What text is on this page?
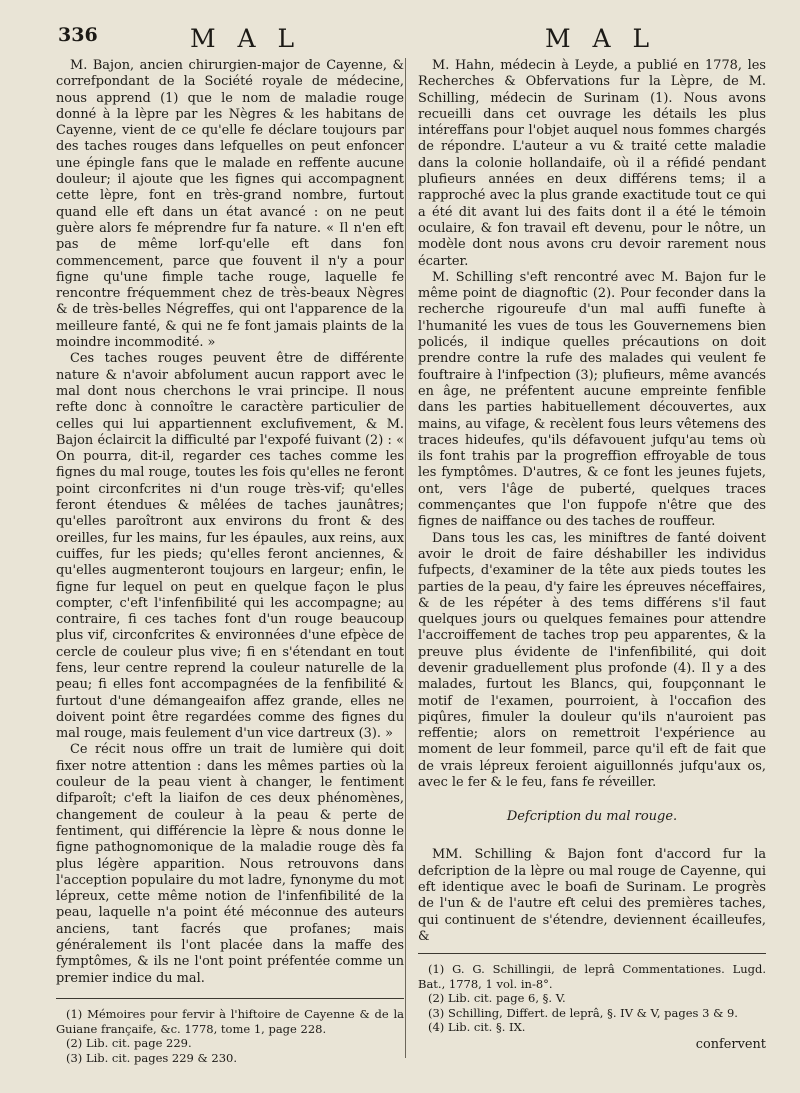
336	M A L	M A L

M. Bajon, ancien chirurgien-major de Cayenne, & correfpondant de la Société royale de médecine, nous apprend (1) que le nom de maladie rouge donné à la lèpre par les Nègres & les habitans de Cayenne, vient de ce qu'elle fe déclare toujours par des taches rouges dans lefquelles on peut enfoncer une épingle fans que le malade en reffente aucune douleur; il ajoute que les fignes qui accompagnent cette lèpre, font en très-grand nombre, furtout quand elle eft dans un état avancé : on ne peut guère alors fe méprendre fur fa nature. « Il n'en eft pas de même lorf-qu'elle eft dans fon commencement, parce que fouvent il n'y a pour figne qu'une fimple tache rouge, laquelle fe rencontre fréquemment chez de très-beaux Nègres & de très-belles Négreffes, qui ont l'apparence de la meilleure fanté, & qui ne fe font jamais plaints de la moindre incommodité. »

Ces taches rouges peuvent être de différente nature & n'avoir abfolument aucun rapport avec le mal dont nous cherchons le vrai principe. Il nous refte donc à connoître le caractère particulier de celles qui lui appartiennent exclufivement, & M. Bajon éclaircit la difficulté par l'expofé fuivant (2) : « On pourra, dit-il, regarder ces taches comme les fignes du mal rouge, toutes les fois qu'elles ne feront point circonfcrites ni d'un rouge très-vif; qu'elles feront étendues & mêlées de taches jaunâtres; qu'elles paroîtront aux environs du front & des oreilles, fur les mains, fur les épaules, aux reins, aux cuiffes, fur les pieds; qu'elles feront anciennes, & qu'elles augmenteront toujours en largeur; enfin, le figne fur lequel on peut en quelque façon le plus compter, c'eft l'infenfibilité qui les accompagne; au contraire, fi ces taches font d'un rouge beaucoup plus vif, circonfcrites & environnées d'une efpèce de cercle de couleur plus vive; fi en s'étendant en tout fens, leur centre reprend la couleur naturelle de la peau; fi elles font accompagnées de la fenfibilité & furtout d'une démangeaifon affez grande, elles ne doivent point être regardées comme des fignes du mal rouge, mais feulement d'un vice dartreux (3). »

Ce récit nous offre un trait de lumière qui doit fixer notre attention : dans les mêmes parties où la couleur de la peau vient à changer, le fentiment difparoît; c'eft la liaifon de ces deux phénomènes, changement de couleur à la peau & perte de fentiment, qui différencie la lèpre & nous donne le figne pathognomonique de la maladie rouge dès fa plus légère apparition. Nous retrouvons dans l'acception populaire du mot ladre, fynonyme du mot lépreux, cette même notion de l'infenfibilité de la peau, laquelle n'a point été méconnue des auteurs anciens, tant facrés que profanes; mais généralement ils l'ont placée dans la maffe des fymptômes, & ils ne l'ont point préfentée comme un premier indice du mal.

(1) Mémoires pour fervir à l'hiftoire de Cayenne & de la Guiane françaife, &c. 1778, tome 1, page 228.

(2) Lib. cit. page 229.

(3) Lib. cit. pages 229 & 230.

M. Hahn, médecin à Leyde, a publié en 1778, les Recherches & Obfervations fur la Lèpre, de M. Schilling, médecin de Surinam (1). Nous avons recueilli dans cet ouvrage les détails les plus intéreffans pour l'objet auquel nous fommes chargés de répondre. L'auteur a vu & traité cette maladie dans la colonie hollandaife, où il a réfidé pendant plufieurs années en deux différens tems; il a rapproché avec la plus grande exactitude tout ce qui a été dit avant lui des faits dont il a été le témoin oculaire, & fon travail eft devenu, pour le nôtre, un modèle dont nous avons cru devoir rarement nous écarter.

M. Schilling s'eft rencontré avec M. Bajon fur le même point de diagnoftic (2). Pour feconder dans la recherche rigoureufe d'un mal auffi funefte à l'humanité les vues de tous les Gouvernemens bien policés, il indique quelles précautions on doit prendre contre la rufe des malades qui veulent fe fouftraire à l'infpection (3); plufieurs, même avancés en âge, ne préfentent aucune empreinte fenfible dans les parties habituellement découvertes, aux mains, au vifage, & recèlent fous leurs vêtemens des traces hideufes, qu'ils défavouent jufqu'au tems où ils font trahis par la progreffion effroyable de tous les fymptômes. D'autres, & ce font les jeunes fujets, ont, vers l'âge de puberté, quelques traces commençantes que l'on fuppofe n'être que des fignes de naiffance ou des taches de rouffeur.

Dans tous les cas, les miniftres de fanté doivent avoir le droit de faire déshabiller les individus fufpects, d'examiner de la tête aux pieds toutes les parties de la peau, d'y faire les épreuves néceffaires, & de les répéter à des tems différens s'il faut quelques jours ou quelques femaines pour attendre l'accroiffement de taches trop peu apparentes, & la preuve plus évidente de l'infenfibilité, qui doit devenir graduellement plus profonde (4). Il y a des malades, furtout les Blancs, qui, foupçonnant le motif de l'examen, pourroient, à l'occafion des piqûres, fimuler la douleur qu'ils n'auroient pas reffentie; alors on remettroit l'expérience au moment de leur fommeil, parce qu'il eft de fait que de vrais lépreux feroient aiguillonnés jufqu'aux os, avec le fer & le feu, fans fe réveiller.

Defcription du mal rouge.

MM. Schilling & Bajon font d'accord fur la defcription de la lèpre ou mal rouge de Cayenne, qui eft identique avec le boafi de Surinam. Le progrès de l'un & de l'autre eft celui des premières taches, qui continuent de s'étendre, deviennent écailleufes, &

(1) G. G. Schillingii, de leprâ Commentationes. Lugd. Bat., 1778, 1 vol. in-8°.

(2) Lib. cit. page 6, §. V.

(3) Schilling, Differt. de leprâ, §. IV & V, pages 3 & 9.

(4) Lib. cit. §. IX.

confervent
